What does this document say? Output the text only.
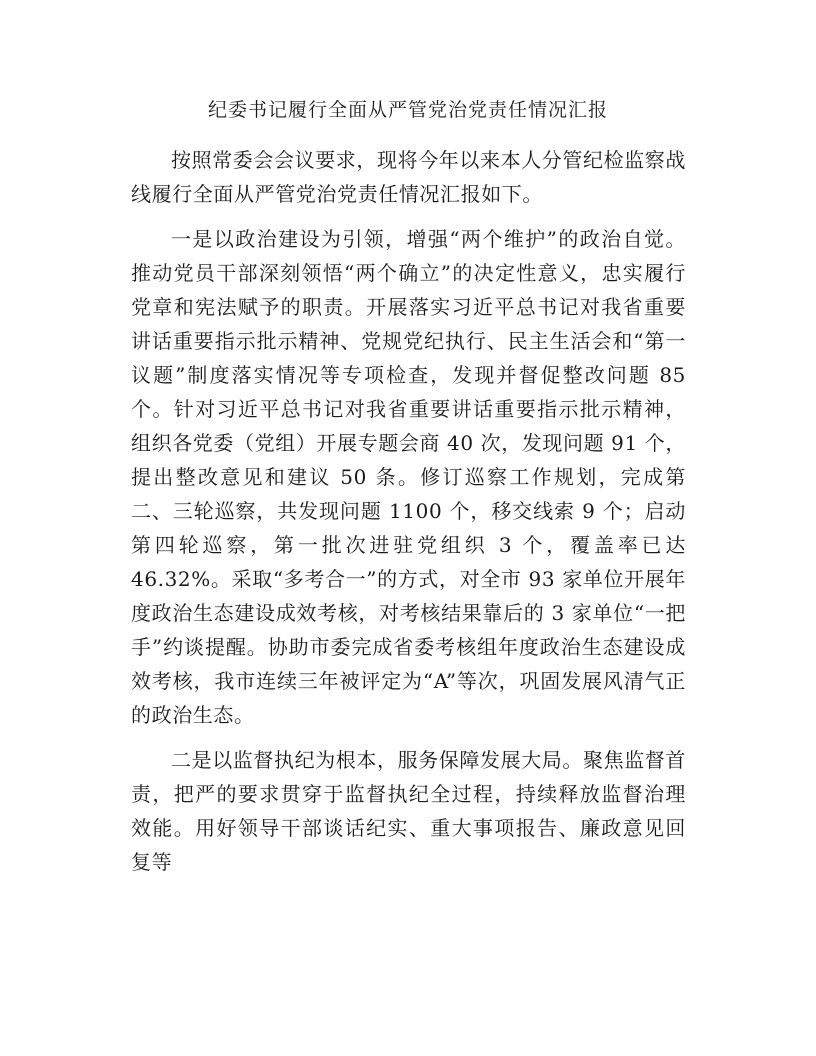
纪委书记履行全面从严管党治党责任情况汇报

按照常委会会议要求，现将今年以来本人分管纪检监察战线履行全面从严管党治党责任情况汇报如下。

一是以政治建设为引领，增强“两个维护”的政治自觉。推动党员干部深刻领悟“两个确立”的决定性意义，忠实履行党章和宪法赋予的职责。开展落实习近平总书记对我省重要讲话重要指示批示精神、党规党纪执行、民主生活会和“第一议题”制度落实情况等专项检查，发现并督促整改问题 85 个。针对习近平总书记对我省重要讲话重要指示批示精神，组织各党委（党组）开展专题会商 40 次，发现问题 91 个，提出整改意见和建议 50 条。修订巡察工作规划，完成第二、三轮巡察，共发现问题 1100 个，移交线索 9 个；启动第四轮巡察，第一批次进驻党组织 3 个，覆盖率已达 46.32%。采取“多考合一”的方式，对全市 93 家单位开展年度政治生态建设成效考核，对考核结果靠后的 3 家单位“一把手”约谈提醒。协助市委完成省委考核组年度政治生态建设成效考核，我市连续三年被评定为“A”等次，巩固发展风清气正的政治生态。

二是以监督执纪为根本，服务保障发展大局。聚焦监督首责，把严的要求贯穿于监督执纪全过程，持续释放监督治理效能。用好领导干部谈话纪实、重大事项报告、廉政意见回复等
